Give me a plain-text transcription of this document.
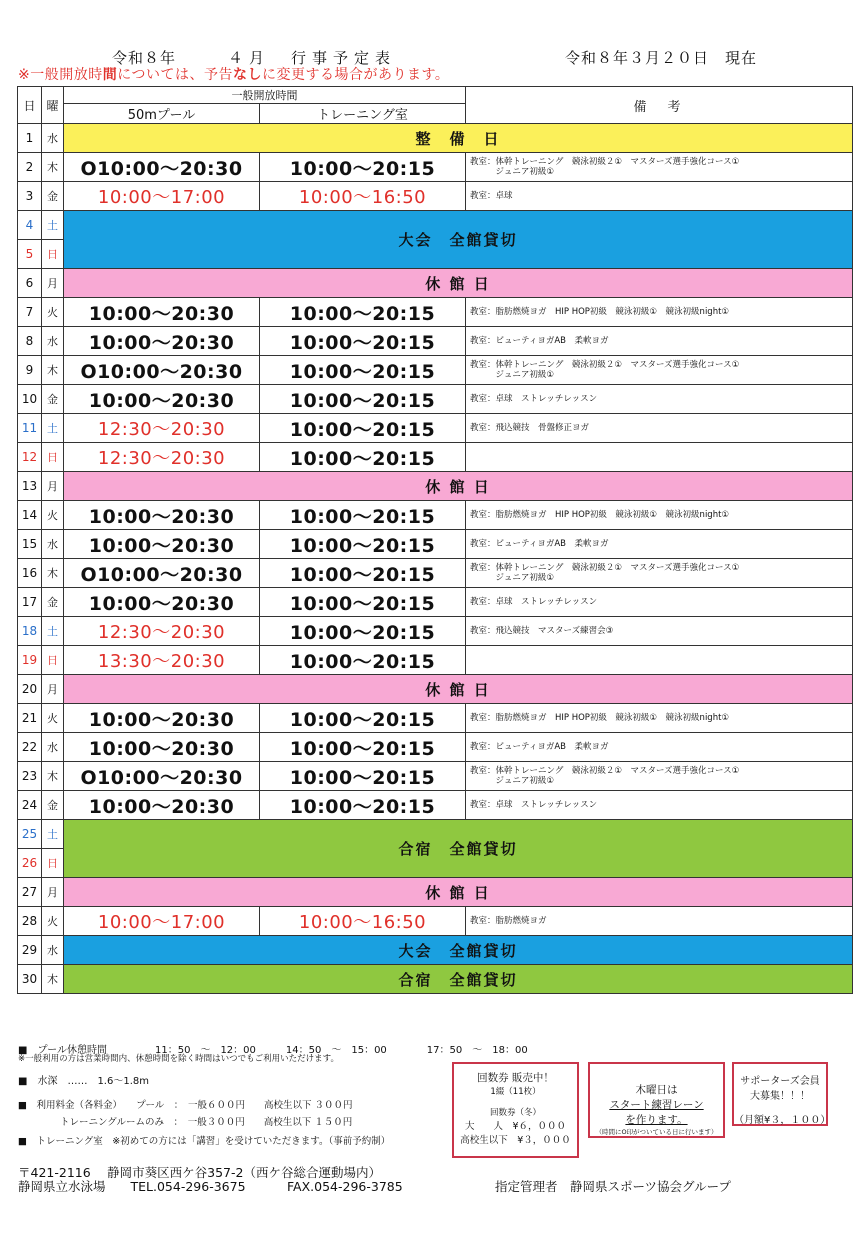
令和８年	４月　行事予定表	令和８年３月２０日　現在
※一般開放時間については、予告なしに変更する場合があります。
日	曜	一般開放時間		備　考
		50mプール	トレーニング室	
1	水	整　備　日		
2	木	O10:00～20:30	10:00～20:15	教室：体幹トレーニング　競泳初級２①　マスターズ選手強化コース①
　　　ジュニア初級①

3	金	10:00～17:00	10:00～16:50	教室：卓球

4	土	大会　全館貸切		
5	日			
6	月	休 館 日		
7	火	10:00～20:30	10:00～20:15	教室：脂肪燃焼ヨガ　HIP HOP初級　競泳初級①　競泳初級night①

8	水	10:00～20:30	10:00～20:15	教室：ビューティヨガAB　柔軟ヨガ

9	木	O10:00～20:30	10:00～20:15	教室：体幹トレーニング　競泳初級２①　マスターズ選手強化コース①
　　　ジュニア初級①

10	金	10:00～20:30	10:00～20:15	教室：卓球　ストレッチレッスン

11	土	12:30～20:30	10:00～20:15	教室：飛込競技　骨盤修正ヨガ

12	日	12:30～20:30	10:00～20:15	

13	月	休 館 日		
14	火	10:00～20:30	10:00～20:15	教室：脂肪燃焼ヨガ　HIP HOP初級　競泳初級①　競泳初級night①

15	水	10:00～20:30	10:00～20:15	教室：ビューティヨガAB　柔軟ヨガ

16	木	O10:00～20:30	10:00～20:15	教室：体幹トレーニング　競泳初級２①　マスターズ選手強化コース①
　　　ジュニア初級①

17	金	10:00～20:30	10:00～20:15	教室：卓球　ストレッチレッスン

18	土	12:30～20:30	10:00～20:15	教室：飛込競技　マスターズ練習会③

19	日	13:30～20:30	10:00～20:15	

20	月	休 館 日		
21	火	10:00～20:30	10:00～20:15	教室：脂肪燃焼ヨガ　HIP HOP初級　競泳初級①　競泳初級night①

22	水	10:00～20:30	10:00～20:15	教室：ビューティヨガAB　柔軟ヨガ

23	木	O10:00～20:30	10:00～20:15	教室：体幹トレーニング　競泳初級２①　マスターズ選手強化コース①
　　　ジュニア初級①

24	金	10:00～20:30	10:00～20:15	教室：卓球　ストレッチレッスン

25	土	合宿　全館貸切		
26	日			
27	月	休 館 日		
28	火	10:00～17:00	10:00～16:50	教室：脂肪燃焼ヨガ

29	水	大会　全館貸切		
30	木	合宿　全館貸切		
■　プール休憩時間	11：50　～　12：00　　　14：50　～　15：00　　　　17：50　～　18：00
※一般利用の方は営業時間内、休憩時間を除く時間はいつでもご利用いただけます。
■　水深　……　1.6～1.8m
■　利用料金（各料金）　　プール　：　一般６００円　　高校生以下 ３００円
トレーニングルームのみ　：　一般３００円　　高校生以下 １５０円
■　トレーニング室　※初めての方には「講習」を受けていただきます。（事前予約制）
回数券 販売中！
1綴（11枚）
回数券（冬）
大　　人　¥６，０００
高校生以下　¥３，０００
木曜日は
スタート練習レーン
を作ります。
（時間にO印がついている日に行います）
サポーターズ会員
大募集！！！
（月額¥３，１００）
〒421-2116　 静岡市葵区西ケ谷357-2（西ケ谷総合運動場内）
静岡県立水泳場　　TEL.054-296-3675　　　 FAX.054-296-3785	指定管理者　静岡県スポーツ協会グループ
